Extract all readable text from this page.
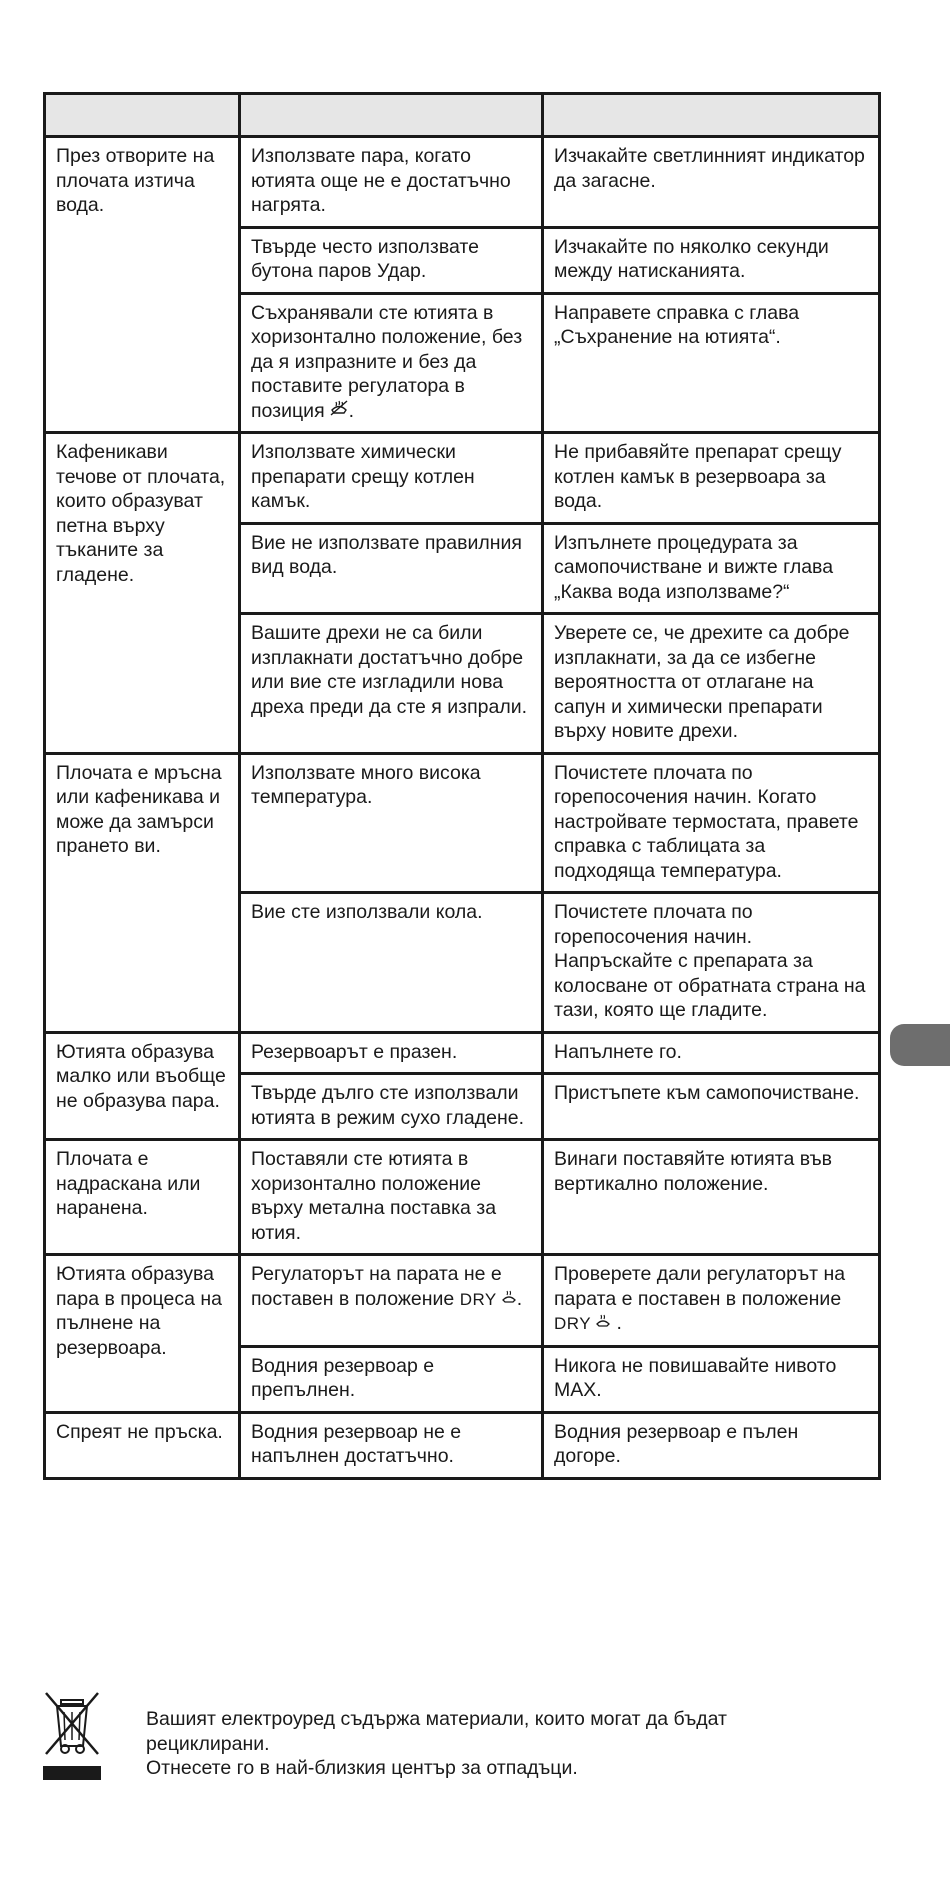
През отворите на плочата изтича вода.	Използвате пара, когато ютията още не е достатъчно нагрята.	Изчакайте светлинният индикатор да загасне.
	Твърде често използвате бутона паров Удар.	Изчакайте по няколко секунди между натисканията.
	Съхранявали сте ютията в хоризонтално положение, без да я изпразните и без да поставите регулатора в позиция .	Направете справка с глава „Съхранение на ютията“.
Кафеникави течове от плочата, които образуват петна върху тъканите за гладене.	Използвате химически препарати срещу котлен камък.	Не прибавяйте препарат срещу котлен камък в резервоара за вода.
	Вие не използвате правилния вид вода.	Изпълнете процедурата за самопочистване и вижте глава „Каква вода използваме?“
	Вашите дрехи не са били изплакнати достатъчно добре или вие сте изгладили нова дреха преди да сте я изпрали.	Уверете се, че дрехите са добре изплакнати, за да се избегне вероятността от отлагане на сапун и химически препарати върху новите дрехи.
Плочата е мръсна или кафеникава и може да замърси прането ви.	Използвате много висока температура.	Почистете плочата по горепосочения начин. Когато настройвате термостата, правете справка с таблицата за подходяща температура.
	Вие сте използвали кола.	Почистете плочата по горепосочения начин. Напръскайте с препарата за колосване от обратната страна на тази, която ще гладите.
Ютията образува малко или въобще не образува пара.	Резервоарът е празен.	Напълнете го.
	Твърде дълго сте използвали ютията в режим сухо гладене.	Пристъпете към самопочистване.
Плочата е надраскана или наранена.	Поставяли сте ютията в хоризонтално положение върху метална поставка за ютия.	Винаги поставяйте ютията във вертикално положение.
Ютията образува пара в процеса на пълнене на резервоара.	Регулаторът на парата не е поставен в положение DRY .	Проверете дали регулаторът на парата е поставен в положение DRY .
	Водния резервоар е препълнен.	Никога не повишавайте нивото MAX.
Спреят не пръска.	Водния резервоар не е напълнен достатъчно.	Водния резервоар е пълен догоре.
Вашият електроуред съдържа материали, които могат да бъдат
рециклирани.
Отнесете го в най-близкия център за отпадъци.
